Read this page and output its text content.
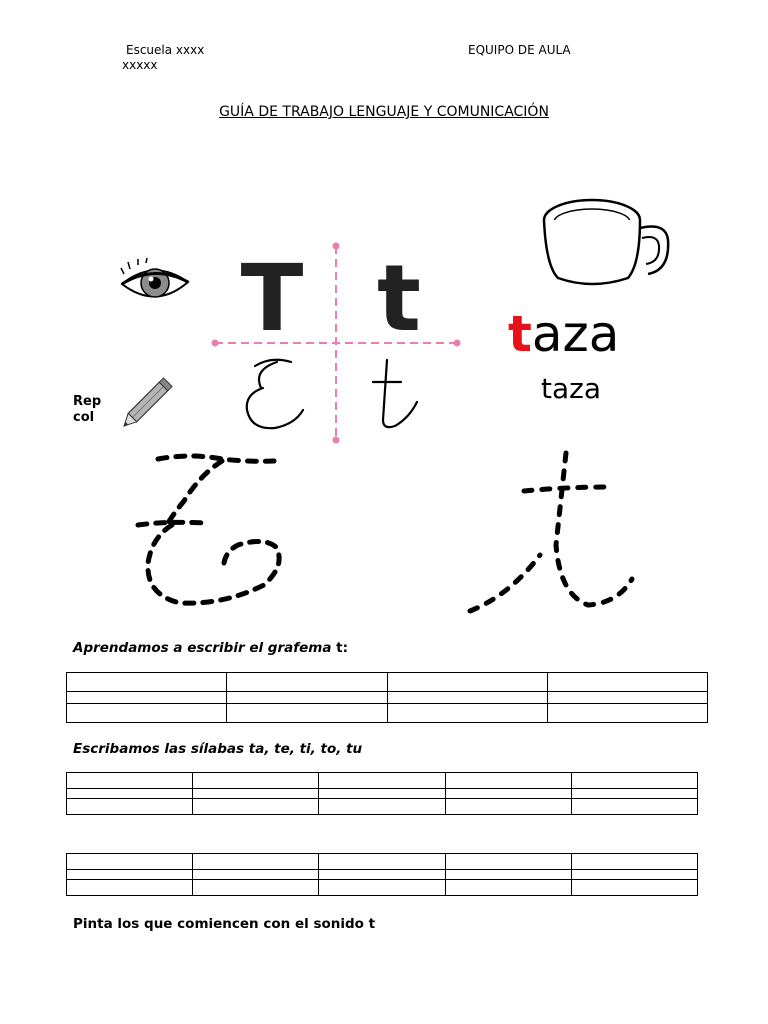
Escuela xxxx
xxxxx
EQUIPO DE AULA
GUÍA DE TRABAJO LENGUAJE Y COMUNICACIÓN
Rep
col
T t taza
taza
Aprendamos a escribir el grafema t:

Escribamos las sílabas ta, te, ti, to, tu

Pinta los que comiencen con el sonido t
